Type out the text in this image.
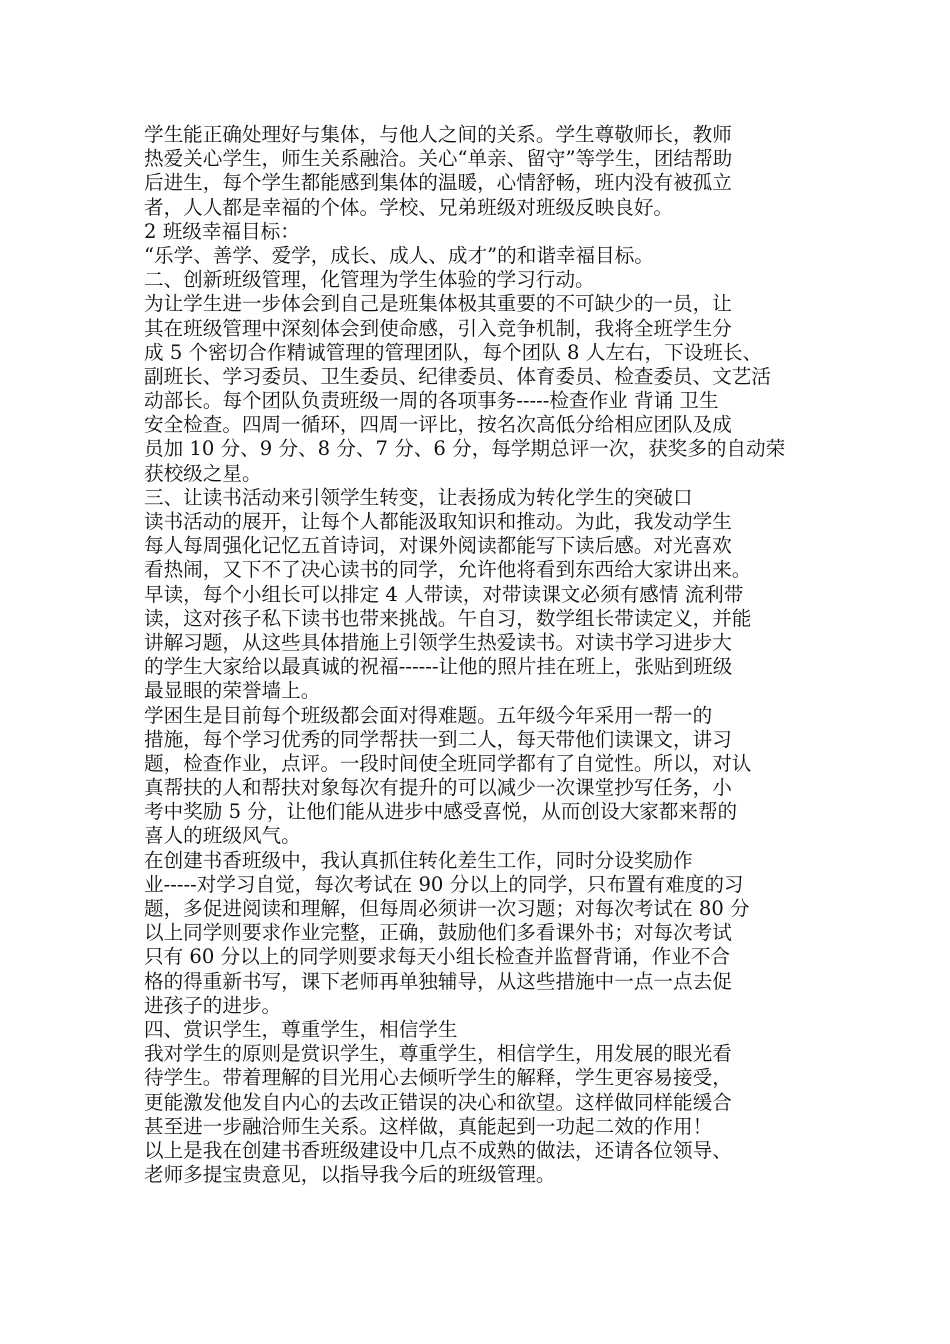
学生能正确处理好与集体，与他人之间的关系。学生尊敬师长，教师
热爱关心学生，师生关系融洽。关心“单亲、留守”等学生，团结帮助
后进生，每个学生都能感到集体的温暖，心情舒畅，班内没有被孤立
者，人人都是幸福的个体。学校、兄弟班级对班级反映良好。
2 班级幸福目标：
“乐学、善学、爱学，成长、成人、成才”的和谐幸福目标。
二、创新班级管理，化管理为学生体验的学习行动。
为让学生进一步体会到自己是班集体极其重要的不可缺少的一员，让
其在班级管理中深刻体会到使命感，引入竞争机制，我将全班学生分
成 5 个密切合作精诚管理的管理团队，每个团队 8 人左右，下设班长、
副班长、学习委员、卫生委员、纪律委员、体育委员、检查委员、文艺活
动部长。每个团队负责班级一周的各项事务-----检查作业 背诵 卫生
安全检查。四周一循环，四周一评比，按名次高低分给相应团队及成
员加 10 分、9 分、8 分、7 分、6 分，每学期总评一次，获奖多的自动荣
获校级之星。
三、让读书活动来引领学生转变，让表扬成为转化学生的突破口
读书活动的展开，让每个人都能汲取知识和推动。为此，我发动学生
每人每周强化记忆五首诗词，对课外阅读都能写下读后感。对光喜欢
看热闹，又下不了决心读书的同学，允许他将看到东西给大家讲出来。
早读，每个小组长可以排定 4 人带读，对带读课文必须有感情 流利带
读，这对孩子私下读书也带来挑战。午自习，数学组长带读定义，并能
讲解习题，从这些具体措施上引领学生热爱读书。对读书学习进步大
的学生大家给以最真诚的祝福------让他的照片挂在班上，张贴到班级
最显眼的荣誉墙上。
学困生是目前每个班级都会面对得难题。五年级今年采用一帮一的
措施，每个学习优秀的同学帮扶一到二人，每天带他们读课文，讲习
题，检查作业，点评。一段时间使全班同学都有了自觉性。所以，对认
真帮扶的人和帮扶对象每次有提升的可以减少一次课堂抄写任务，小
考中奖励 5 分，让他们能从进步中感受喜悦，从而创设大家都来帮的
喜人的班级风气。
在创建书香班级中，我认真抓住转化差生工作，同时分设奖励作
业-----对学习自觉，每次考试在 90 分以上的同学，只布置有难度的习
题，多促进阅读和理解，但每周必须讲一次习题；对每次考试在 80 分
以上同学则要求作业完整，正确，鼓励他们多看课外书；对每次考试
只有 60 分以上的同学则要求每天小组长检查并监督背诵，作业不合
格的得重新书写，课下老师再单独辅导，从这些措施中一点一点去促
进孩子的进步。
四、赏识学生，尊重学生，相信学生
我对学生的原则是赏识学生，尊重学生，相信学生，用发展的眼光看
待学生。带着理解的目光用心去倾听学生的解释，学生更容易接受，
更能激发他发自内心的去改正错误的决心和欲望。这样做同样能缓合
甚至进一步融洽师生关系。这样做，真能起到一功起二效的作用！
以上是我在创建书香班级建设中几点不成熟的做法，还请各位领导、
老师多提宝贵意见，以指导我今后的班级管理。
